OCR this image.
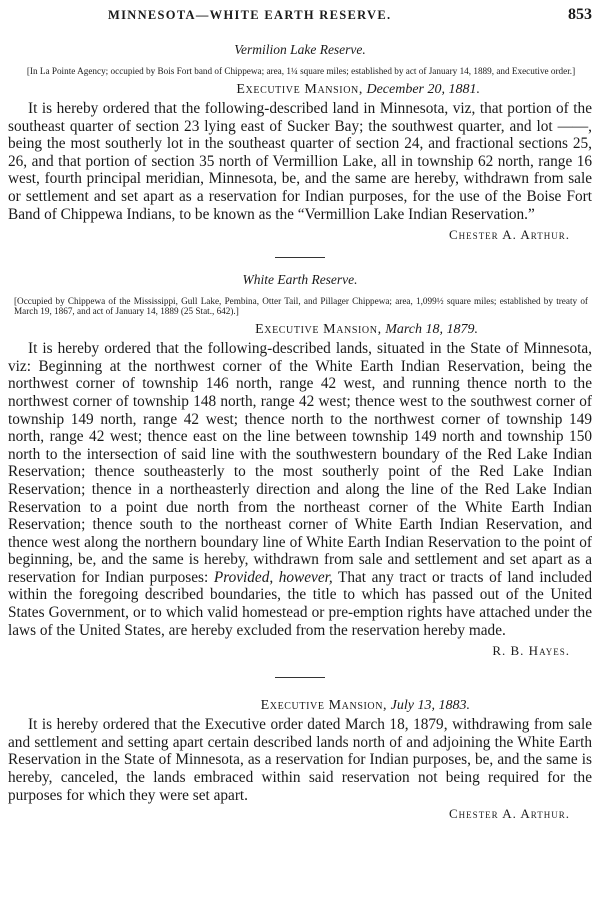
MINNESOTA—WHITE EARTH RESERVE.	853
Vermilion Lake Reserve.
[In La Pointe Agency; occupied by Bois Fort band of Chippewa; area, 1¼ square miles; established by act of January 14, 1889, and Executive order.]
Executive Mansion, December 20, 1881.

It is hereby ordered that the following-described land in Minnesota, viz, that portion of the southeast quarter of section 23 lying east of Sucker Bay; the southwest quarter, and lot ——, being the most southerly lot in the southeast quarter of section 24, and fractional sections 25, 26, and that portion of section 35 north of Vermillion Lake, all in township 62 north, range 16 west, fourth principal meridian, Minnesota, be, and the same are hereby, withdrawn from sale or settlement and set apart as a reservation for Indian purposes, for the use of the Boise Fort Band of Chippewa Indians, to be known as the “Vermillion Lake Indian Reservation.”

Chester A. Arthur.
White Earth Reserve.
[Occupied by Chippewa of the Mississippi, Gull Lake, Pembina, Otter Tail, and Pillager Chippewa; area, 1,099½ square miles; established by treaty of March 19, 1867, and act of January 14, 1889 (25 Stat., 642).]
Executive Mansion, March 18, 1879.

It is hereby ordered that the following-described lands, situated in the State of Minnesota, viz: Beginning at the northwest corner of the White Earth Indian Reservation, being the northwest corner of township 146 north, range 42 west, and running thence north to the northwest corner of township 148 north, range 42 west; thence west to the southwest corner of township 149 north, range 42 west; thence north to the northwest corner of township 149 north, range 42 west; thence east on the line between township 149 north and township 150 north to the intersection of said line with the southwestern boundary of the Red Lake Indian Reservation; thence southeasterly to the most southerly point of the Red Lake Indian Reservation; thence in a northeasterly direction and along the line of the Red Lake Indian Reservation to a point due north from the northeast corner of the White Earth Indian Reservation; thence south to the northeast corner of White Earth Indian Reservation, and thence west along the northern boundary line of White Earth Indian Reservation to the point of beginning, be, and the same is hereby, withdrawn from sale and settlement and set apart as a reservation for Indian purposes: Provided, however, That any tract or tracts of land included within the foregoing described boundaries, the title to which has passed out of the United States Government, or to which valid homestead or pre-emption rights have attached under the laws of the United States, are hereby excluded from the reservation hereby made.

R. B. Hayes.
Executive Mansion, July 13, 1883.

It is hereby ordered that the Executive order dated March 18, 1879, withdrawing from sale and settlement and setting apart certain described lands north of and adjoining the White Earth Reservation in the State of Minnesota, as a reservation for Indian purposes, be, and the same is hereby, canceled, the lands embraced within said reservation not being required for the purposes for which they were set apart.

Chester A. Arthur.
